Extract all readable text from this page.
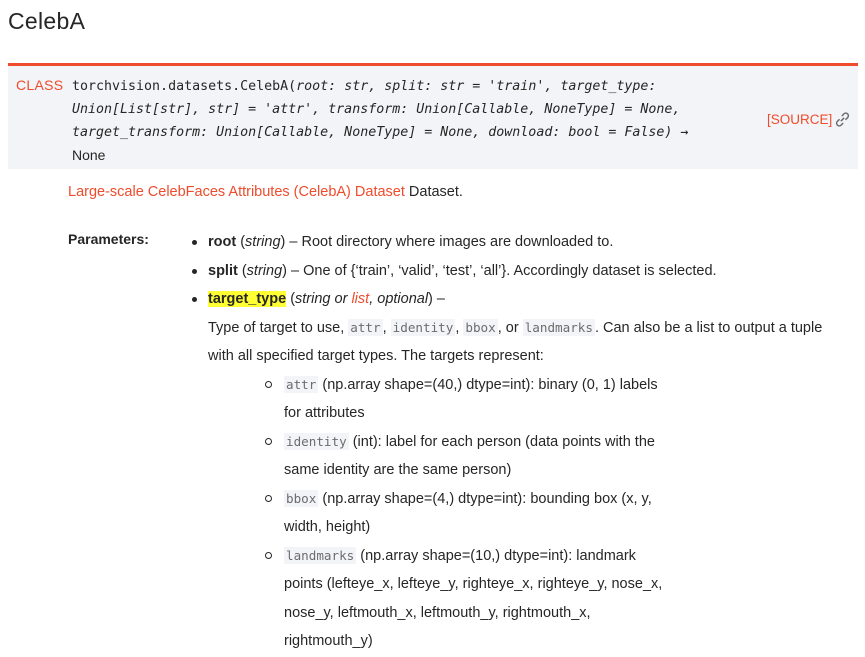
CelebA
CLASS torchvision.datasets.CelebA(root: str, split: str = 'train', target_type:
Union[List[str], str] = 'attr', transform: Union[Callable, NoneType] = None,
target_transform: Union[Callable, NoneType] = None, download: bool = False) →
None
[SOURCE]
Large-scale CelebFaces Attributes (CelebA) Dataset Dataset.
Parameters:	root (string) – Root directory where images are downloaded to.
split (string) – One of {‘train’, ‘valid’, ‘test’, ‘all’}. Accordingly dataset is selected.
target_type (string or list, optional) –
Type of target to use, attr , identity , bbox , or landmarks . Can also be a list to output a tuple with all specified target types. The targets represent:
attr (np.array shape=(40,) dtype=int): binary (0, 1) labels for attributes
identity (int): label for each person (data points with the same identity are the same person)
bbox (np.array shape=(4,) dtype=int): bounding box (x, y, width, height)
landmarks (np.array shape=(10,) dtype=int): landmark points (lefteye_x, lefteye_y, righteye_x, righteye_y, nose_x, nose_y, leftmouth_x, leftmouth_y, rightmouth_x, rightmouth_y)
